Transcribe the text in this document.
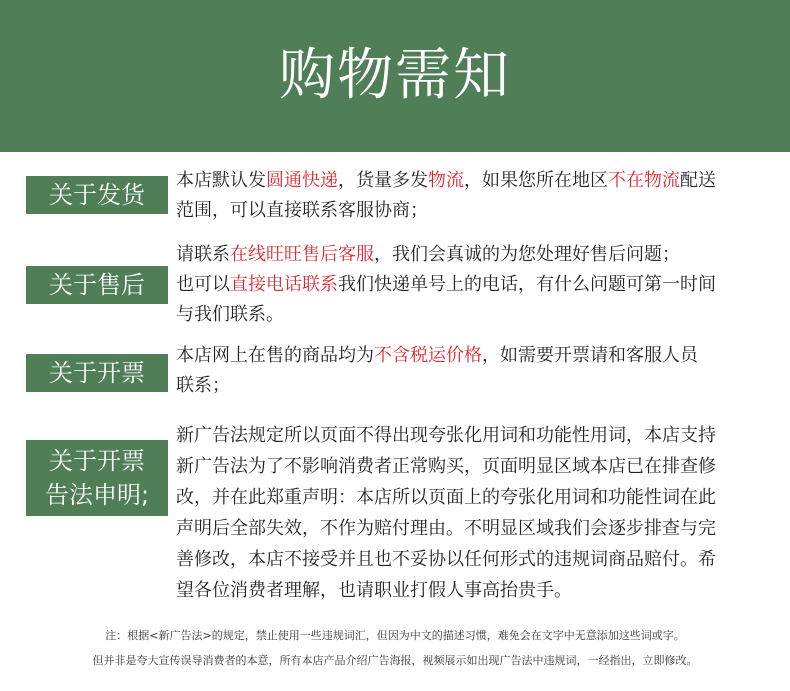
购物需知
关于发货
本店默认发圆通快递，货量多发物流，如果您所在地区不在物流配送
范围，可以直接联系客服协商；
关于售后
请联系在线旺旺售后客服，我们会真诚的为您处理好售后问题；
也可以直接电话联系我们快递单号上的电话，有什么问题可第一时间
与我们联系。
关于开票
本店网上在售的商品均为不含税运价格，如需要开票请和客服人员
联系；
关于开票
告法申明;
新广告法规定所以页面不得出现夸张化用词和功能性用词，本店支持
新广告法为了不影响消费者正常购买，页面明显区域本店已在排查修
改，并在此郑重声明：本店所以页面上的夸张化用词和功能性词在此
声明后全部失效，不作为赔付理由。不明显区域我们会逐步排查与完
善修改，本店不接受并且也不妥协以任何形式的违规词商品赔付。希
望各位消费者理解，也请职业打假人事高抬贵手。
注：根据<新广告法>的规定，禁止使用一些违规词汇，但因为中文的描述习惯，难免会在文字中无意添加这些词或字。
但并非是夸大宣传误导消费者的本意，所有本店产品介绍广告海报，视频展示如出现广告法中违规词，一经指出，立即修改。
